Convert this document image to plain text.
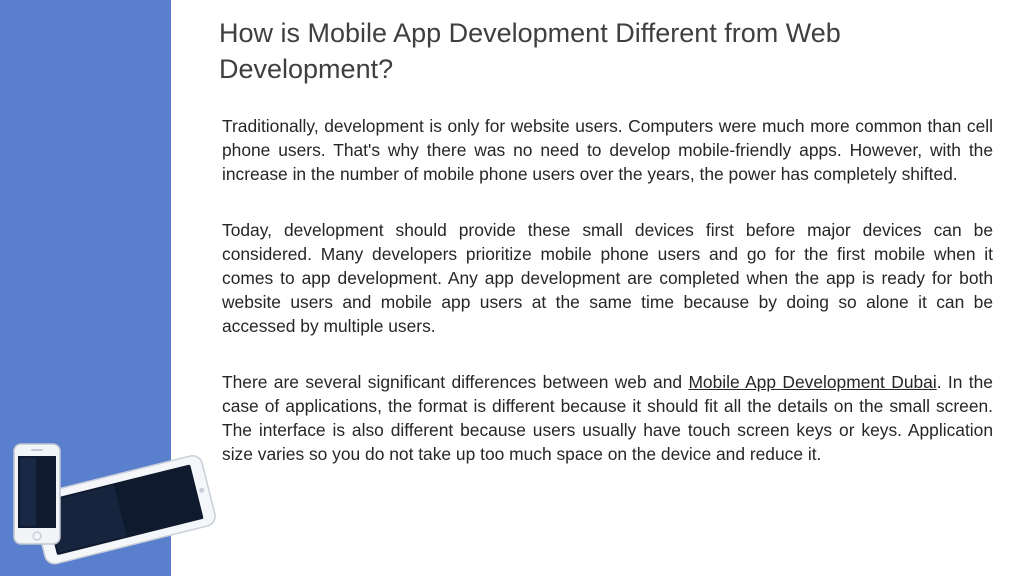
How is Mobile App Development Different from Web Development?

Traditionally, development is only for website users. Computers were much more common than cell phone users. That's why there was no need to develop mobile-friendly apps. However, with the increase in the number of mobile phone users over the years, the power has completely shifted.

Today, development should provide these small devices first before major devices can be considered. Many developers prioritize mobile phone users and go for the first mobile when it comes to app development. Any app development are completed when the app is ready for both website users and mobile app users at the same time because by doing so alone it can be accessed by multiple users.

There are several significant differences between web and Mobile App Development Dubai. In the case of applications, the format is different because it should fit all the details on the small screen. The interface is also different because users usually have touch screen keys or keys. Application size varies so you do not take up too much space on the device and reduce it.
